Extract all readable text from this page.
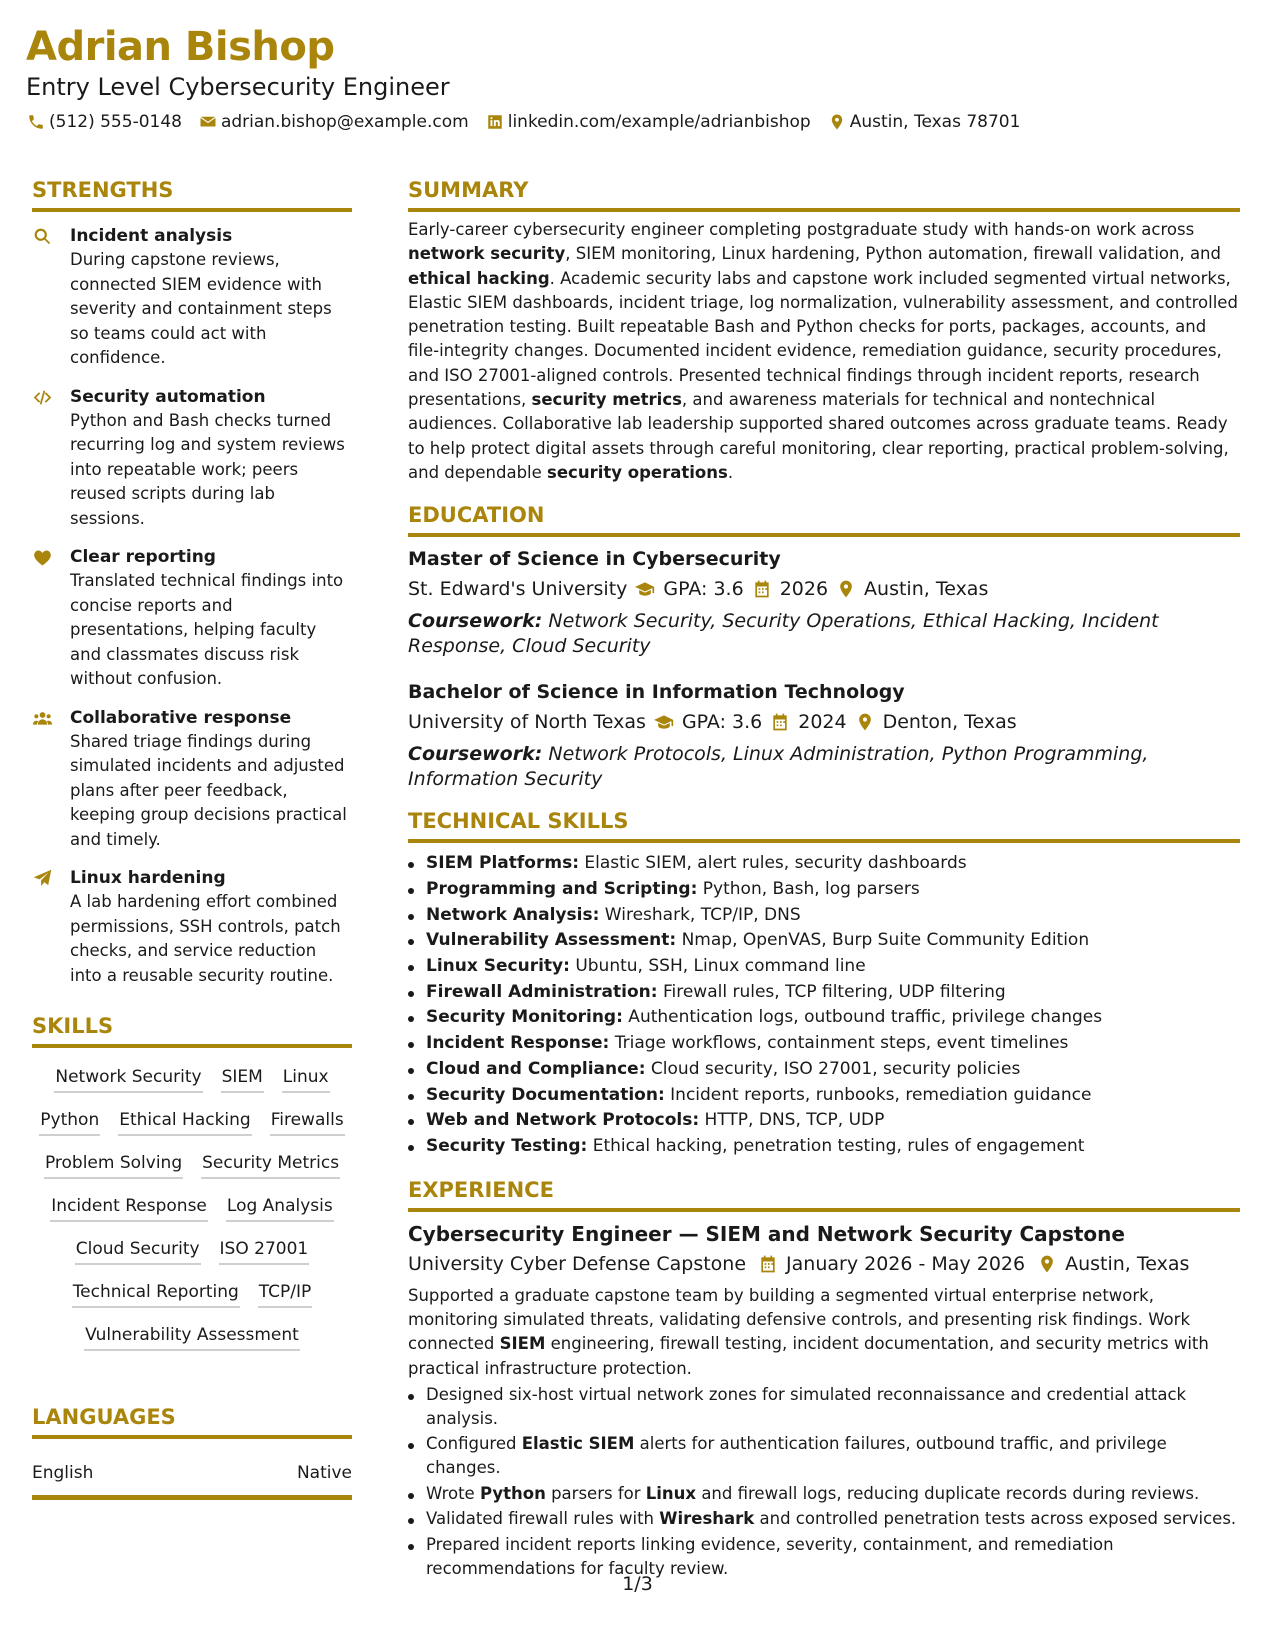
Adrian Bishop
Entry Level Cybersecurity Engineer
(512) 555-0148 adrian.bishop@example.com linkedin.com/example/adrianbishop Austin, Texas 78701
STRENGTHS
Incident analysis
During capstone reviews, connected SIEM evidence with severity and containment steps so teams could act with confidence.
Security automation
Python and Bash checks turned recurring log and system reviews into repeatable work; peers reused scripts during lab sessions.
Clear reporting
Translated technical findings into concise reports and presentations, helping faculty and classmates discuss risk without confusion.
Collaborative response
Shared triage findings during simulated incidents and adjusted plans after peer feedback, keeping group decisions practical and timely.
Linux hardening
A lab hardening effort combined permissions, SSH controls, patch checks, and service reduction into a reusable security routine.
SKILLS
Network Security SIEM Linux
Python Ethical Hacking Firewalls
Problem Solving Security Metrics
Incident Response Log Analysis
Cloud Security ISO 27001
Technical Reporting TCP/IP
Vulnerability Assessment
LANGUAGES
English	Native
SUMMARY
Early-career cybersecurity engineer completing postgraduate study with hands-on work across network security, SIEM monitoring, Linux hardening, Python automation, firewall validation, and ethical hacking. Academic security labs and capstone work included segmented virtual networks, Elastic SIEM dashboards, incident triage, log normalization, vulnerability assessment, and controlled penetration testing. Built repeatable Bash and Python checks for ports, packages, accounts, and file-integrity changes. Documented incident evidence, remediation guidance, security procedures, and ISO 27001-aligned controls. Presented technical findings through incident reports, research presentations, security metrics, and awareness materials for technical and nontechnical audiences. Collaborative lab leadership supported shared outcomes across graduate teams. Ready to help protect digital assets through careful monitoring, clear reporting, practical problem-solving, and dependable security operations.
EDUCATION
Master of Science in Cybersecurity
St. Edward's University GPA: 3.6 2026 Austin, Texas
Coursework: Network Security, Security Operations, Ethical Hacking, Incident Response, Cloud Security
Bachelor of Science in Information Technology
University of North Texas GPA: 3.6 2024 Denton, Texas
Coursework: Network Protocols, Linux Administration, Python Programming, Information Security
TECHNICAL SKILLS
SIEM Platforms: Elastic SIEM, alert rules, security dashboards
Programming and Scripting: Python, Bash, log parsers
Network Analysis: Wireshark, TCP/IP, DNS
Vulnerability Assessment: Nmap, OpenVAS, Burp Suite Community Edition
Linux Security: Ubuntu, SSH, Linux command line
Firewall Administration: Firewall rules, TCP filtering, UDP filtering
Security Monitoring: Authentication logs, outbound traffic, privilege changes
Incident Response: Triage workflows, containment steps, event timelines
Cloud and Compliance: Cloud security, ISO 27001, security policies
Security Documentation: Incident reports, runbooks, remediation guidance
Web and Network Protocols: HTTP, DNS, TCP, UDP
Security Testing: Ethical hacking, penetration testing, rules of engagement
EXPERIENCE
Cybersecurity Engineer — SIEM and Network Security Capstone
University Cyber Defense Capstone January 2026 - May 2026 Austin, Texas
Supported a graduate capstone team by building a segmented virtual enterprise network, monitoring simulated threats, validating defensive controls, and presenting risk findings. Work connected SIEM engineering, firewall testing, incident documentation, and security metrics with practical infrastructure protection.
Designed six-host virtual network zones for simulated reconnaissance and credential attack analysis.
Configured Elastic SIEM alerts for authentication failures, outbound traffic, and privilege changes.
Wrote Python parsers for Linux and firewall logs, reducing duplicate records during reviews.
Validated firewall rules with Wireshark and controlled penetration tests across exposed services.
Prepared incident reports linking evidence, severity, containment, and remediation recommendations for faculty review.
1/3
